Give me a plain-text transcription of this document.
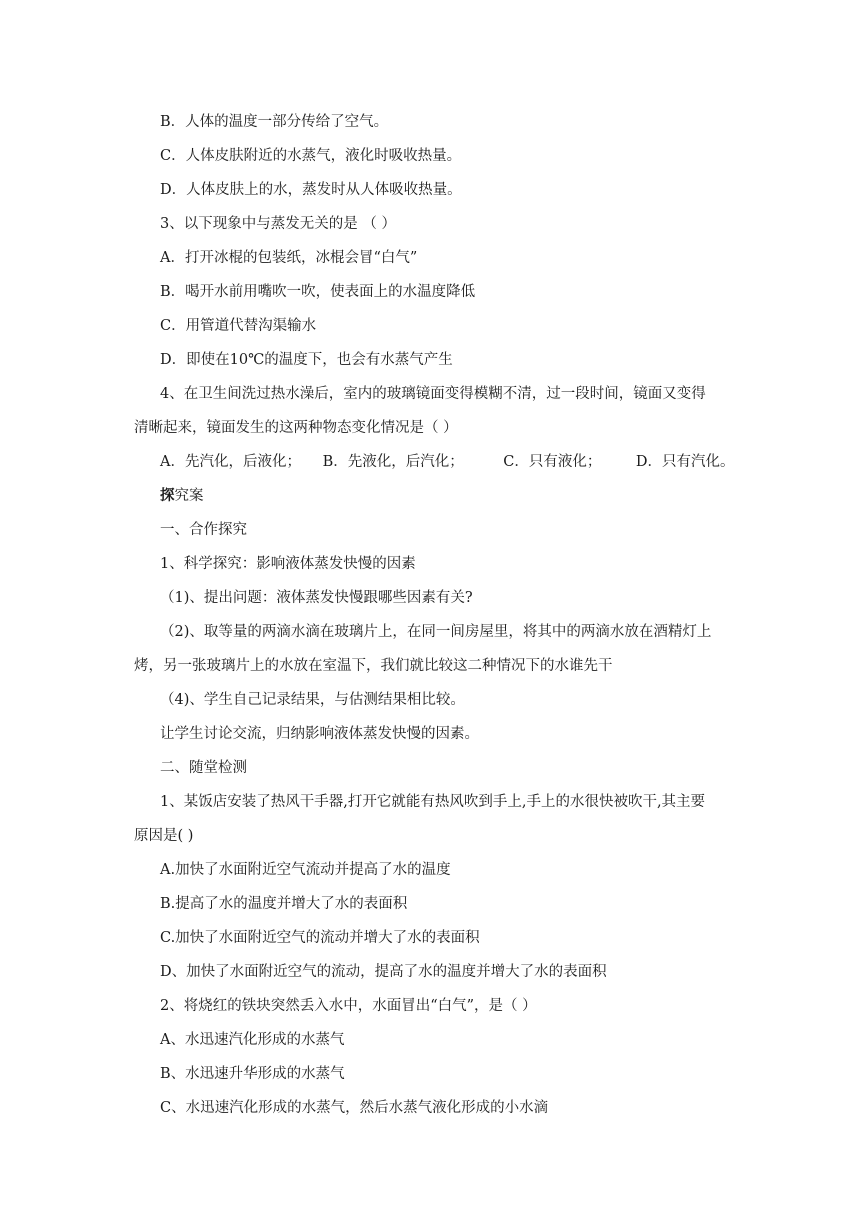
B．人体的温度一部分传给了空气。
C．人体皮肤附近的水蒸气，液化时吸收热量。
D．人体皮肤上的水，蒸发时从人体吸收热量。
3、以下现象中与蒸发无关的是 （ ）
A．打开冰棍的包装纸，冰棍会冒“白气”
B．喝开水前用嘴吹一吹，使表面上的水温度降低
C．用管道代替沟渠输水
D．即使在10℃的温度下，也会有水蒸气产生
4、在卫生间洗过热水澡后，室内的玻璃镜面变得模糊不清，过一段时间，镜面又变得
清晰起来，镜面发生的这两种物态变化情况是（ ）
A．先汽化，后液化； B．先液化，后汽化；	C．只有液化； D．只有汽化。
探究案
一、合作探究
1、科学探究：影响液体蒸发快慢的因素
（1)、提出问题：液体蒸发快慢跟哪些因素有关?
（2)、取等量的两滴水滴在玻璃片上，在同一间房屋里，将其中的两滴水放在酒精灯上
烤，另一张玻璃片上的水放在室温下，我们就比较这二种情况下的水谁先干
（4)、学生自己记录结果，与估测结果相比较。
让学生讨论交流，归纳影响液体蒸发快慢的因素。
二、随堂检测
1、某饭店安装了热风干手器,打开它就能有热风吹到手上,手上的水很快被吹干,其主要
原因是( )
A.加快了水面附近空气流动并提高了水的温度
B.提高了水的温度并增大了水的表面积
C.加快了水面附近空气的流动并增大了水的表面积
D、加快了水面附近空气的流动，提高了水的温度并增大了水的表面积
2、将烧红的铁块突然丢入水中，水面冒出“白气”，是（ ）
A、水迅速汽化形成的水蒸气
B、水迅速升华形成的水蒸气
C、水迅速汽化形成的水蒸气，然后水蒸气液化形成的小水滴
